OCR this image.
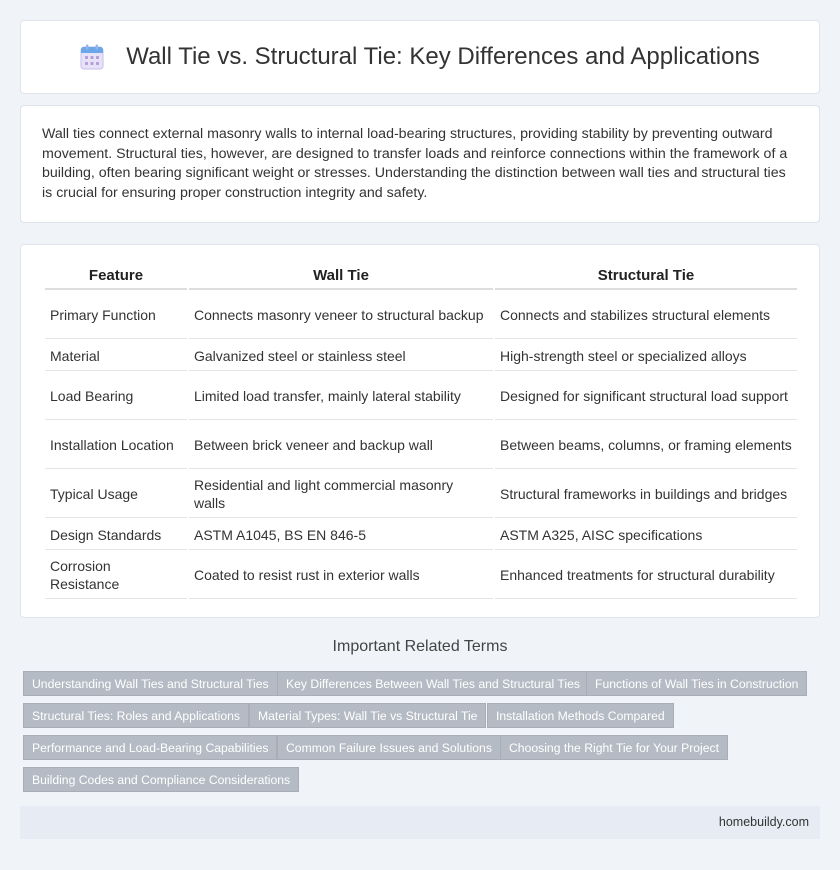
Wall Tie vs. Structural Tie: Key Differences and Applications

Wall ties connect external masonry walls to internal load-bearing structures, providing stability by preventing outward movement. Structural ties, however, are designed to transfer loads and reinforce connections within the framework of a building, often bearing significant weight or stresses. Understanding the distinction between wall ties and structural ties is crucial for ensuring proper construction integrity and safety.

Feature	Wall Tie	Structural Tie
Primary Function	Connects masonry veneer to structural backup	Connects and stabilizes structural elements
Material	Galvanized steel or stainless steel	High-strength steel or specialized alloys
Load Bearing	Limited load transfer, mainly lateral stability	Designed for significant structural load support
Installation Location	Between brick veneer and backup wall	Between beams, columns, or framing elements
Typical Usage	Residential and light commercial masonry walls	Structural frameworks in buildings and bridges
Design Standards	ASTM A1045, BS EN 846-5	ASTM A325, AISC specifications
Corrosion Resistance	Coated to resist rust in exterior walls	Enhanced treatments for structural durability
Important Related Terms
Understanding Wall Ties and Structural Ties	Key Differences Between Wall Ties and Structural Ties	Functions of Wall Ties in Construction
Structural Ties: Roles and Applications	Material Types: Wall Tie vs Structural Tie	Installation Methods Compared
Performance and Load-Bearing Capabilities	Common Failure Issues and Solutions	Choosing the Right Tie for Your Project
Building Codes and Compliance Considerations
homebuildy.com
